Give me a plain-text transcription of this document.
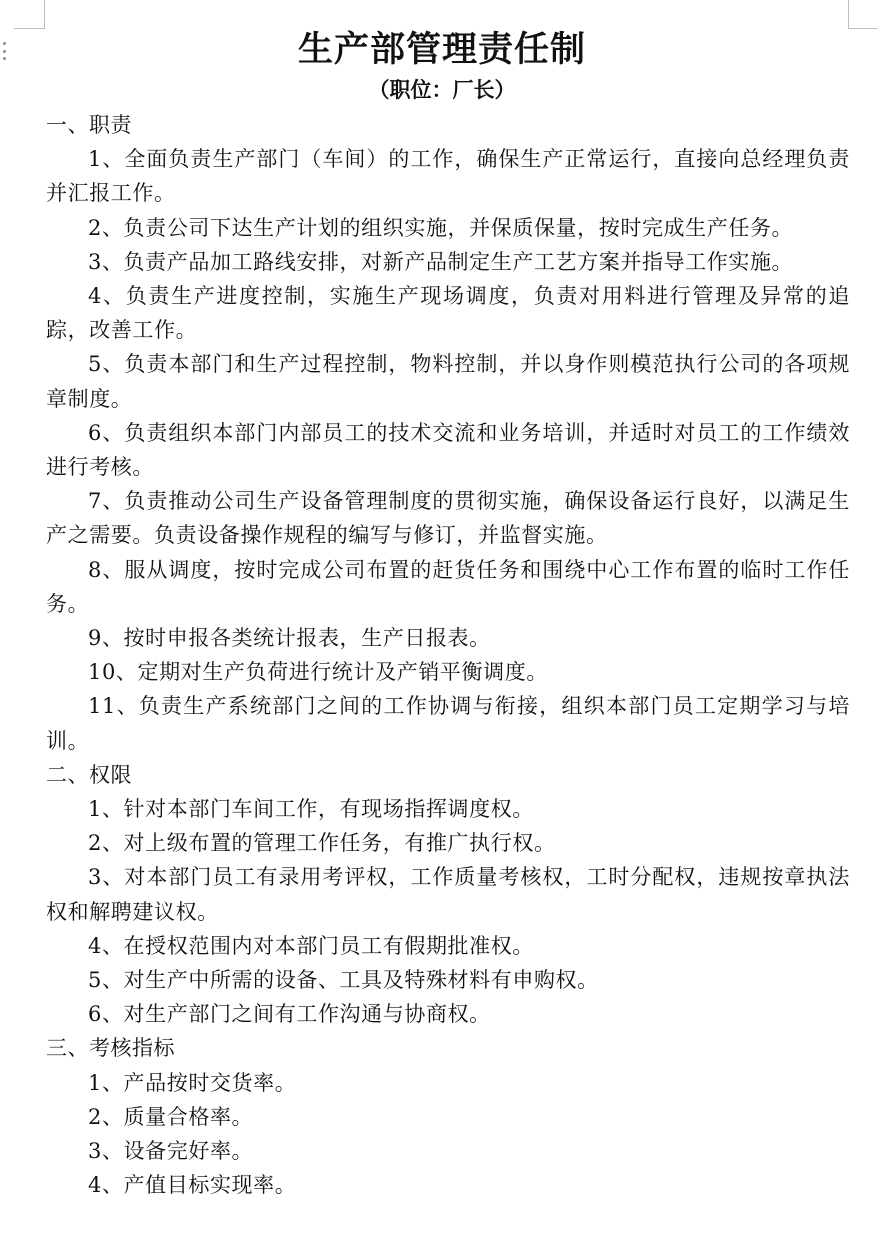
生产部管理责任制
（职位：厂长）

一、职责

1、全面负责生产部门（车间）的工作，确保生产正常运行，直接向总经理负责并汇报工作。

2、负责公司下达生产计划的组织实施，并保质保量，按时完成生产任务。

3、负责产品加工路线安排，对新产品制定生产工艺方案并指导工作实施。

4、负责生产进度控制，实施生产现场调度，负责对用料进行管理及异常的追踪，改善工作。

5、负责本部门和生产过程控制，物料控制，并以身作则模范执行公司的各项规章制度。

6、负责组织本部门内部员工的技术交流和业务培训，并适时对员工的工作绩效进行考核。

7、负责推动公司生产设备管理制度的贯彻实施，确保设备运行良好，以满足生产之需要。负责设备操作规程的编写与修订，并监督实施。

8、服从调度，按时完成公司布置的赶货任务和围绕中心工作布置的临时工作任务。

9、按时申报各类统计报表，生产日报表。

10、定期对生产负荷进行统计及产销平衡调度。

11、负责生产系统部门之间的工作协调与衔接，组织本部门员工定期学习与培训。

二、权限

1、针对本部门车间工作，有现场指挥调度权。

2、对上级布置的管理工作任务，有推广执行权。

3、对本部门员工有录用考评权，工作质量考核权，工时分配权，违规按章执法权和解聘建议权。

4、在授权范围内对本部门员工有假期批准权。

5、对生产中所需的设备、工具及特殊材料有申购权。

6、对生产部门之间有工作沟通与协商权。

三、考核指标

1、产品按时交货率。

2、质量合格率。

3、设备完好率。

4、产值目标实现率。
